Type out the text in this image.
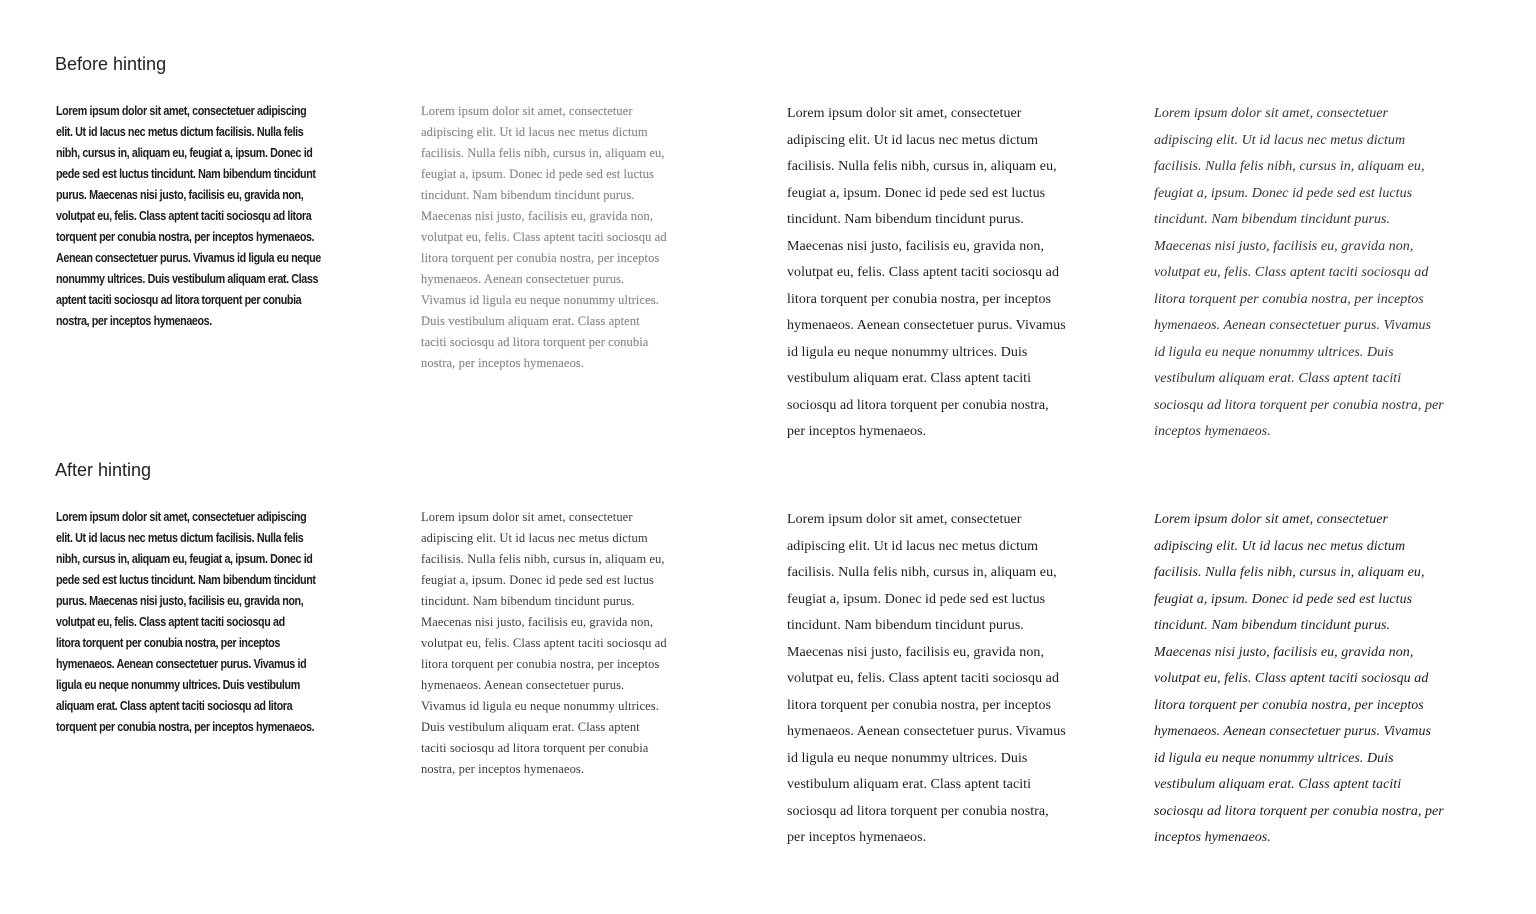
Before hinting

Lorem ipsum dolor sit amet, consectetuer adipiscing
elit. Ut id lacus nec metus dictum facilisis. Nulla felis
nibh, cursus in, aliquam eu, feugiat a, ipsum. Donec id
pede sed est luctus tincidunt. Nam bibendum tincidunt
purus. Maecenas nisi justo, facilisis eu, gravida non,
volutpat eu, felis. Class aptent taciti sociosqu ad litora
torquent per conubia nostra, per inceptos hymenaeos.
Aenean consectetuer purus. Vivamus id ligula eu neque
nonummy ultrices. Duis vestibulum aliquam erat. Class
aptent taciti sociosqu ad litora torquent per conubia
nostra, per inceptos hymenaeos.

Lorem ipsum dolor sit amet, consectetuer
adipiscing elit. Ut id lacus nec metus dictum
facilisis. Nulla felis nibh, cursus in, aliquam eu,
feugiat a, ipsum. Donec id pede sed est luctus
tincidunt. Nam bibendum tincidunt purus.
Maecenas nisi justo, facilisis eu, gravida non,
volutpat eu, felis. Class aptent taciti sociosqu ad
litora torquent per conubia nostra, per inceptos
hymenaeos. Aenean consectetuer purus.
Vivamus id ligula eu neque nonummy ultrices.
Duis vestibulum aliquam erat. Class aptent
taciti sociosqu ad litora torquent per conubia
nostra, per inceptos hymenaeos.

Lorem ipsum dolor sit amet, consectetuer
adipiscing elit. Ut id lacus nec metus dictum
facilisis. Nulla felis nibh, cursus in, aliquam eu,
feugiat a, ipsum. Donec id pede sed est luctus
tincidunt. Nam bibendum tincidunt purus.
Maecenas nisi justo, facilisis eu, gravida non,
volutpat eu, felis. Class aptent taciti sociosqu ad
litora torquent per conubia nostra, per inceptos
hymenaeos. Aenean consectetuer purus. Vivamus
id ligula eu neque nonummy ultrices. Duis
vestibulum aliquam erat. Class aptent taciti
sociosqu ad litora torquent per conubia nostra,
per inceptos hymenaeos.

Lorem ipsum dolor sit amet, consectetuer
adipiscing elit. Ut id lacus nec metus dictum
facilisis. Nulla felis nibh, cursus in, aliquam eu,
feugiat a, ipsum. Donec id pede sed est luctus
tincidunt. Nam bibendum tincidunt purus.
Maecenas nisi justo, facilisis eu, gravida non,
volutpat eu, felis. Class aptent taciti sociosqu ad
litora torquent per conubia nostra, per inceptos
hymenaeos. Aenean consectetuer purus. Vivamus
id ligula eu neque nonummy ultrices. Duis
vestibulum aliquam erat. Class aptent taciti
sociosqu ad litora torquent per conubia nostra, per
inceptos hymenaeos.

After hinting

Lorem ipsum dolor sit amet, consectetuer adipiscing
elit. Ut id lacus nec metus dictum facilisis. Nulla felis
nibh, cursus in, aliquam eu, feugiat a, ipsum. Donec id
pede sed est luctus tincidunt. Nam bibendum tincidunt
purus. Maecenas nisi justo, facilisis eu, gravida non,
volutpat eu, felis. Class aptent taciti sociosqu ad
litora torquent per conubia nostra, per inceptos
hymenaeos. Aenean consectetuer purus. Vivamus id
ligula eu neque nonummy ultrices. Duis vestibulum
aliquam erat. Class aptent taciti sociosqu ad litora
torquent per conubia nostra, per inceptos hymenaeos.

Lorem ipsum dolor sit amet, consectetuer
adipiscing elit. Ut id lacus nec metus dictum
facilisis. Nulla felis nibh, cursus in, aliquam eu,
feugiat a, ipsum. Donec id pede sed est luctus
tincidunt. Nam bibendum tincidunt purus.
Maecenas nisi justo, facilisis eu, gravida non,
volutpat eu, felis. Class aptent taciti sociosqu ad
litora torquent per conubia nostra, per inceptos
hymenaeos. Aenean consectetuer purus.
Vivamus id ligula eu neque nonummy ultrices.
Duis vestibulum aliquam erat. Class aptent
taciti sociosqu ad litora torquent per conubia
nostra, per inceptos hymenaeos.

Lorem ipsum dolor sit amet, consectetuer
adipiscing elit. Ut id lacus nec metus dictum
facilisis. Nulla felis nibh, cursus in, aliquam eu,
feugiat a, ipsum. Donec id pede sed est luctus
tincidunt. Nam bibendum tincidunt purus.
Maecenas nisi justo, facilisis eu, gravida non,
volutpat eu, felis. Class aptent taciti sociosqu ad
litora torquent per conubia nostra, per inceptos
hymenaeos. Aenean consectetuer purus. Vivamus
id ligula eu neque nonummy ultrices. Duis
vestibulum aliquam erat. Class aptent taciti
sociosqu ad litora torquent per conubia nostra,
per inceptos hymenaeos.

Lorem ipsum dolor sit amet, consectetuer
adipiscing elit. Ut id lacus nec metus dictum
facilisis. Nulla felis nibh, cursus in, aliquam eu,
feugiat a, ipsum. Donec id pede sed est luctus
tincidunt. Nam bibendum tincidunt purus.
Maecenas nisi justo, facilisis eu, gravida non,
volutpat eu, felis. Class aptent taciti sociosqu ad
litora torquent per conubia nostra, per inceptos
hymenaeos. Aenean consectetuer purus. Vivamus
id ligula eu neque nonummy ultrices. Duis
vestibulum aliquam erat. Class aptent taciti
sociosqu ad litora torquent per conubia nostra, per
inceptos hymenaeos.
